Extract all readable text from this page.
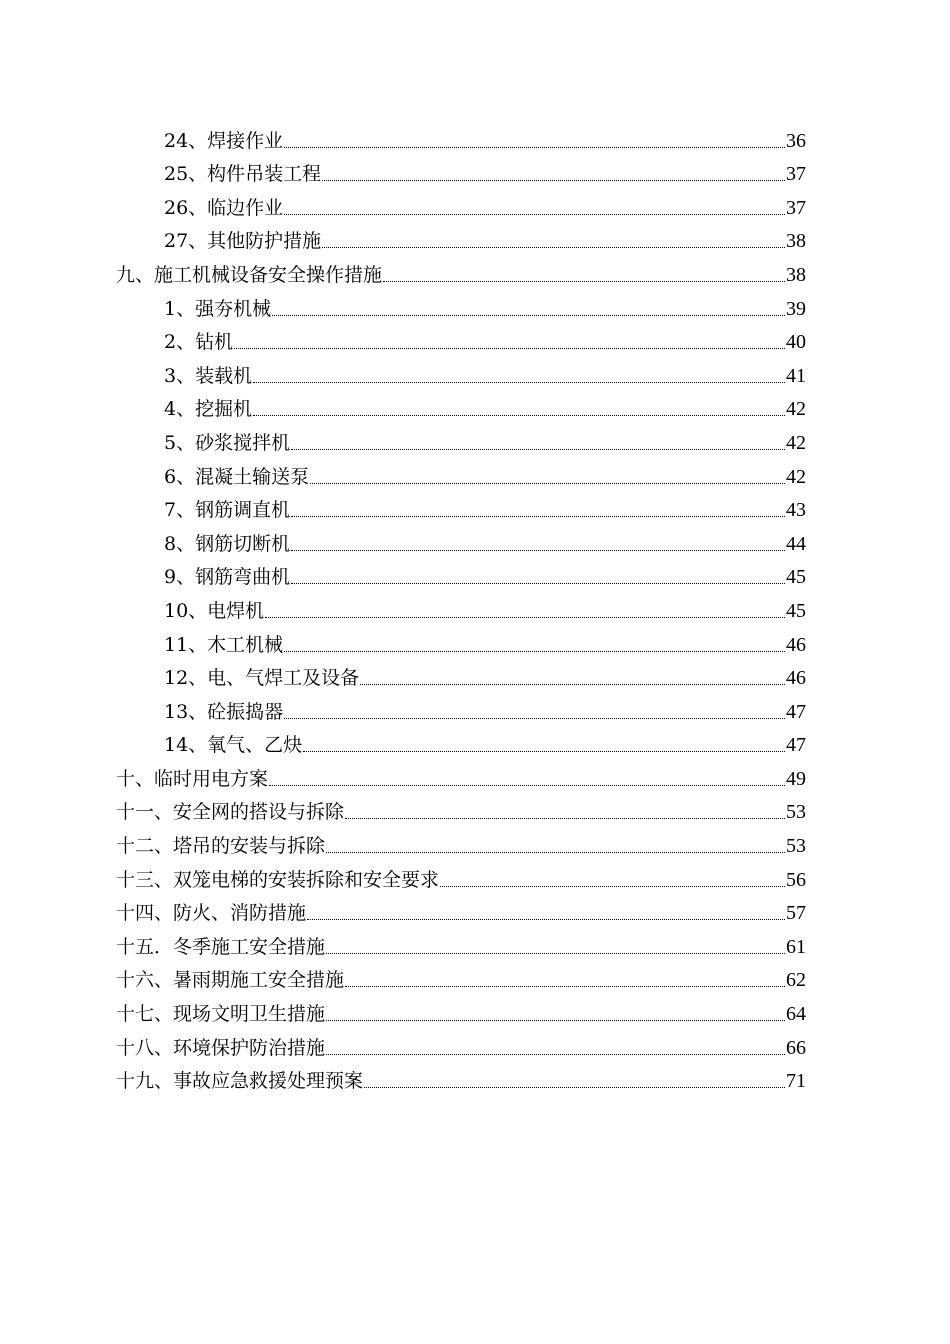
24、焊接作业	36
25、构件吊装工程	37
26、临边作业	37
27、其他防护措施	38
九、施工机械设备安全操作措施	38
1、强夯机械	39
2、钻机	40
3、装载机	41
4、挖掘机	42
5、砂浆搅拌机	42
6、混凝土输送泵	42
7、钢筋调直机	43
8、钢筋切断机	44
9、钢筋弯曲机	45
10、电焊机	45
11、木工机械	46
12、电、气焊工及设备	46
13、砼振捣器	47
14、氧气、乙炔	47
十、临时用电方案	49
十一、安全网的搭设与拆除	53
十二、塔吊的安装与拆除	53
十三、双笼电梯的安装拆除和安全要求	56
十四、防火、消防措施	57
十五．冬季施工安全措施	61
十六、暑雨期施工安全措施	62
十七、现场文明卫生措施	64
十八、环境保护防治措施	66
十九、事故应急救援处理预案	71
